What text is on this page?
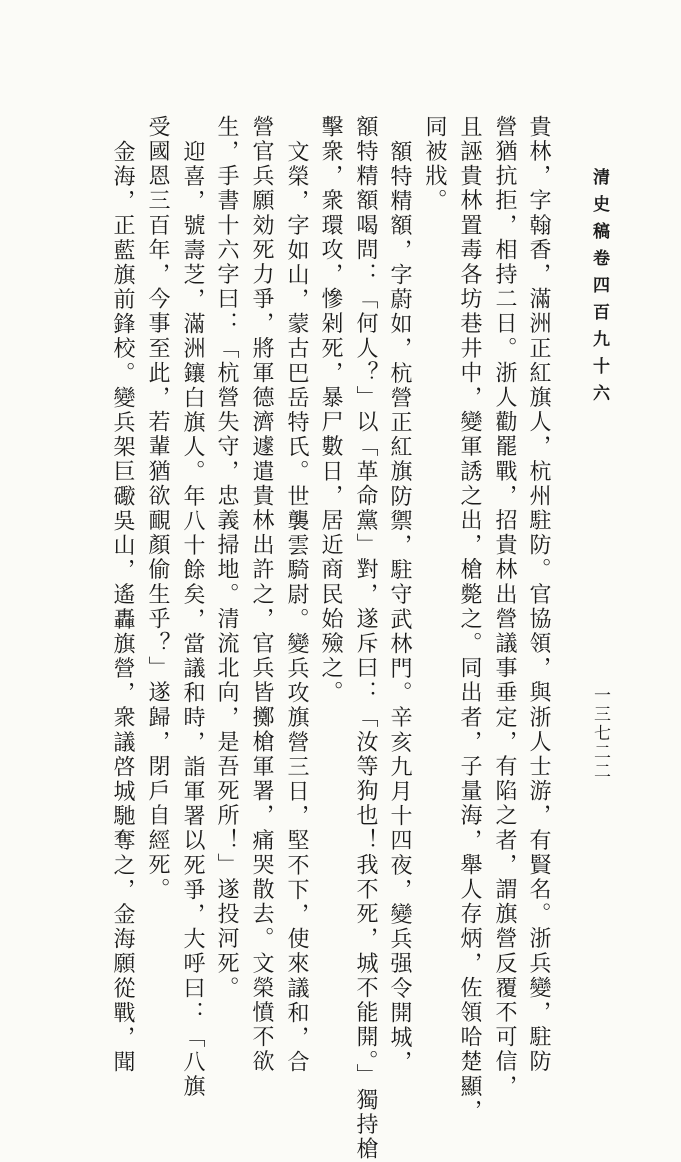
清史稿卷四百九十六
一三七二二
貴林，字翰香，滿洲正紅旗人，杭州駐防。官協領，與浙人士游，有賢名。浙兵變，駐防
營猶抗拒，相持二日。浙人勸罷戰，招貴林出營議事垂定，有陷之者，謂旗營反覆不可信，
且誣貴林置毒各坊巷井中，變軍誘之出，槍斃之。同出者，子量海，舉人存炳，佐領哈楚顯，
同被戕。
額特精額，字蔚如，杭營正紅旗防禦，駐守武林門。辛亥九月十四夜，變兵强令開城，
額特精額喝問：「何人？」以「革命黨」對，遂斥曰：「汝等狗也！我不死，城不能開。」獨持槍
擊衆，衆環攻，慘剁死，暴尸數日，居近商民始殮之。
文榮，字如山，蒙古巴岳特氏。世襲雲騎尉。變兵攻旗營三日，堅不下，使來議和，合
營官兵願効死力爭，將軍德濟遽遣貴林出許之，官兵皆擲槍軍署，痛哭散去。文榮憤不欲
生，手書十六字曰：「杭營失守，忠義掃地。清流北向，是吾死所！」遂投河死。
迎喜，號壽芝，滿洲鑲白旗人。年八十餘矣，當議和時，詣軍署以死爭，大呼曰：「八旗
受國恩三百年，今事至此，若輩猶欲靦顏偷生乎？」遂歸，閉戶自經死。
金海，正藍旗前鋒校。變兵架巨礮吳山，遙轟旗營，衆議啓城馳奪之，金海願從戰，聞
